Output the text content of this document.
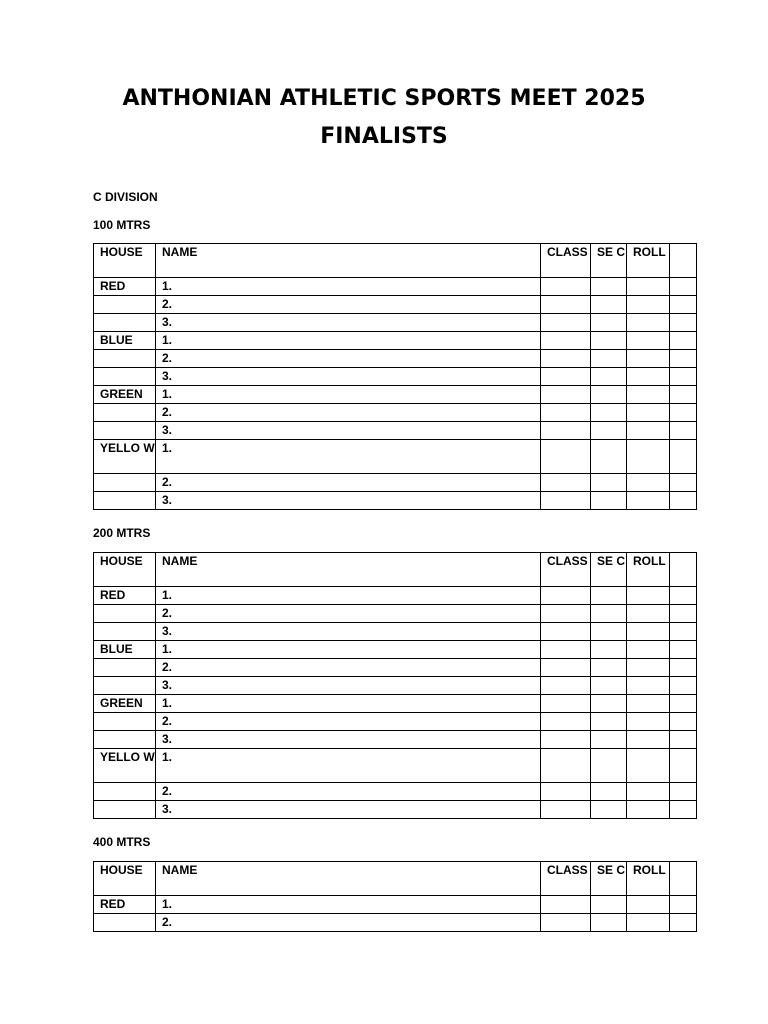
ANTHONIAN ATHLETIC SPORTS MEET 2025
FINALISTS

C DIVISION

100 MTRS

HOUSE	NAME	CLASS	SE C	ROLL	
RED	1.				
	2.				
	3.				
BLUE	1.				
	2.				
	3.				
GREEN	1.				
	2.				
	3.				
YELLO W	1.				
	2.				
	3.				

200 MTRS

HOUSE	NAME	CLASS	SE C	ROLL	
RED	1.				
	2.				
	3.				
BLUE	1.				
	2.				
	3.				
GREEN	1.				
	2.				
	3.				
YELLO W	1.				
	2.				
	3.				

400 MTRS

HOUSE	NAME	CLASS	SE C	ROLL	
RED	1.				
	2.				
